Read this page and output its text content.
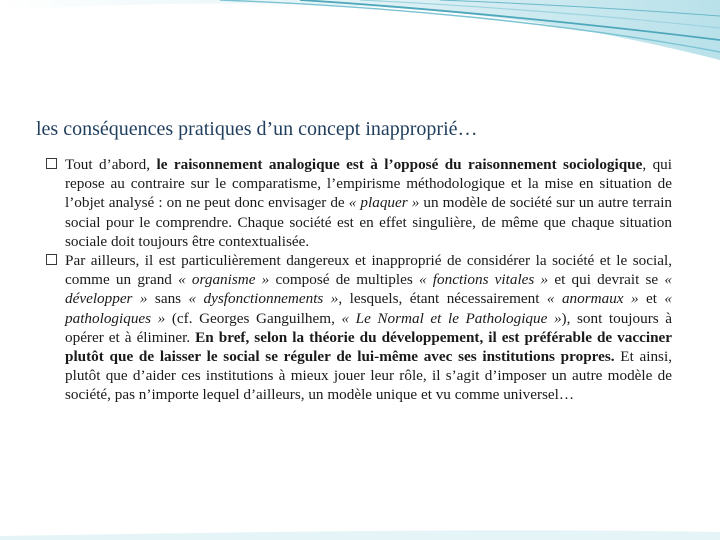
les conséquences pratiques d’un concept inapproprié…
Tout d’abord, le raisonnement analogique est à l’opposé du raisonnement sociologique, qui repose au contraire sur le comparatisme, l’empirisme méthodologique et la mise en situation de l’objet analysé : on ne peut donc envisager de « plaquer » un modèle de société sur un autre terrain social pour le comprendre. Chaque société est en effet singulière, de même que chaque situation sociale doit toujours être contextualisée.
Par ailleurs, il est particulièrement dangereux et inapproprié de considérer la société et le social, comme un grand « organisme » composé de multiples « fonctions vitales » et qui devrait se « développer » sans « dysfonctionnements », lesquels, étant nécessairement « anormaux » et « pathologiques » (cf. Georges Ganguilhem, « Le Normal et le Pathologique »), sont toujours à opérer et à éliminer. En bref, selon la théorie du développement, il est préférable de vacciner plutôt que de laisser le social se réguler de lui-même avec ses institutions propres. Et ainsi, plutôt que d’aider ces institutions à mieux jouer leur rôle, il s’agit d’imposer un autre modèle de société, pas n’importe lequel d’ailleurs, un modèle unique et vu comme universel…
